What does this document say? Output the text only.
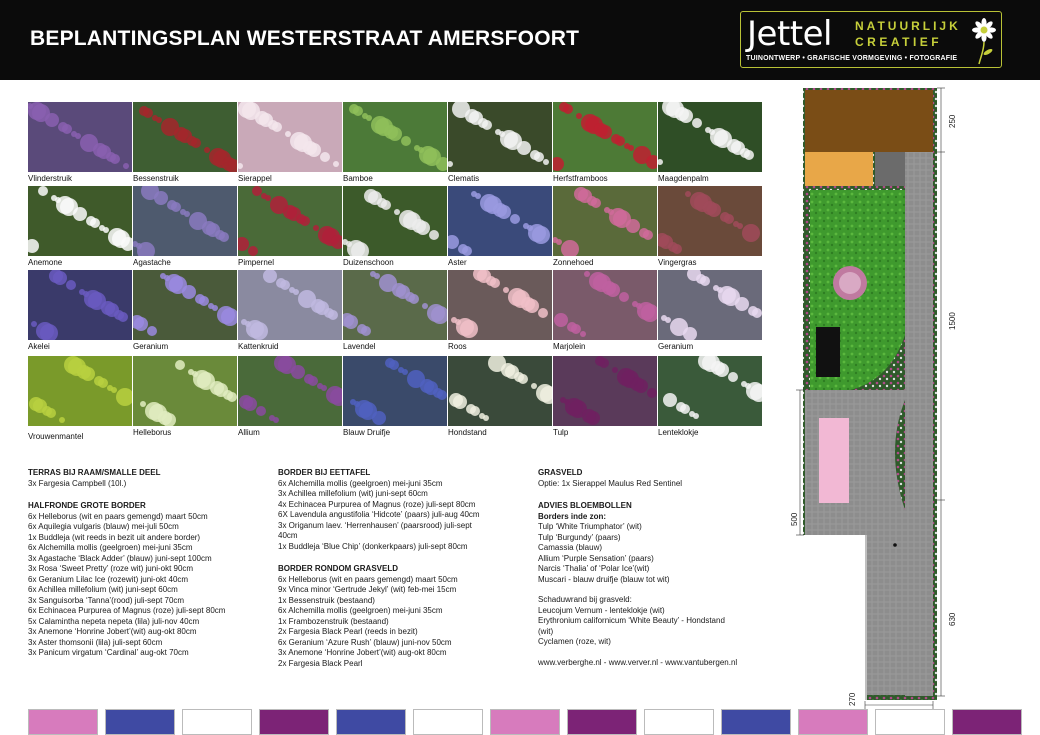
BEPLANTINGSPLAN WESTERSTRAAT AMERSFOORT	Jettel NATUURLIJK
CREATIEF
TUINONTWERP • GRAFISCHE VORMGEVING • FOTOGRAFIE
Vlinderstruik	Bessenstruik	Sierappel	Bamboe	Clematis	Herfstframboos	Maagdenpalm
Anemone	Agastache	Pimpernel	Duizenschoon	Aster	Zonnehoed	Vingergras
Akelei	Geranium	Kattenkruid	Lavendel	Roos	Marjolein	Geranium
Vrouwenmantel	Helleborus	Allium	Blauw Druifje	Hondstand	Tulp	Lenteklokje
TERRAS BIJ RAAM/SMALLE DEEL
3x Fargesia Campbell (10l.)
HALFRONDE GROTE BORDER
6x Helleborus (wit en paars gemengd) maart 50cm
6x Aquilegia vulgaris (blauw) mei-juli 50cm
1x Buddleja (wit reeds in bezit uit andere border)
6x Alchemilla mollis (geelgroen) mei-juni 35cm
3x Agastache ‘Black Adder’ (blauw) juni-sept 100cm
3x Rosa ‘Sweet Pretty’ (roze wit) juni-okt 90cm
6x Geranium Lilac Ice (rozewit) juni-okt 40cm
6x Achillea millefolium (wit) juni-sept 60cm
3x Sanguisorba ‘Tanna’(rood) juli-sept 70cm
6x Echinacea Purpurea of Magnus (roze) juli-sept 80cm
5x Calamintha nepeta nepeta (lila) juli-nov 40cm
3x Anemone ‘Honrine Jobert’(wit) aug-okt 80cm
3x Aster thomsonii (lila) juli-sept 60cm
3x Panicum virgatum ‘Cardinal’ aug-okt 70cm
BORDER BIJ EETTAFEL
6x Alchemilla mollis (geelgroen) mei-juni 35cm
3x Achillea millefolium (wit) juni-sept 60cm
4x Echinacea Purpurea of Magnus (roze) juli-sept 80cm
6X Lavendula angustifolia ‘Hidcote’ (paars) juli-aug 40cm
3x Origanum laev. ‘Herrenhausen’ (paarsrood) juli-sept
40cm
1x Buddleja ‘Blue Chip’ (donkerkpaars) juli-sept 80cm
BORDER RONDOM GRASVELD
6x Helleborus (wit en paars gemengd) maart 50cm
9x Vinca minor ‘Gertrude Jekyl’ (wit) feb-mei 15cm
1x Bessenstruik (bestaand)
6x Alchemilla mollis (geelgroen) mei-juni 35cm
1x Frambozenstruik (bestaand)
2x Fargesia Black Pearl (reeds in bezit)
6x Geranium ‘Azure Rush’ (blauw) juni-nov 50cm
3x Anemone ‘Honrine Jobert’(wit) aug-okt 80cm
2x Fargesia Black Pearl
GRASVELD
Optie: 1x Sierappel Maulus Red Sentinel
ADVIES BLOEMBOLLEN
Borders inde zon:
Tulp ‘White Triumphator’ (wit)
Tulp ‘Burgundy’ (paars)
Camassia (blauw)
Allium ‘Purple Sensation’ (paars)
Narcis ‘Thalia’ of ‘Polar Ice’(wit)
Muscari - blauw druifje (blauw tot wit)
Schaduwrand bij grasveld:
Leucojum Vernum - lenteklokje (wit)
Erythronium californicum ‘White Beauty’ - Hondstand
(wit)
Cyclamen (roze, wit)
www.verberghe.nl - www.verver.nl - www.vantubergen.nl
250
1500
630
500
270
